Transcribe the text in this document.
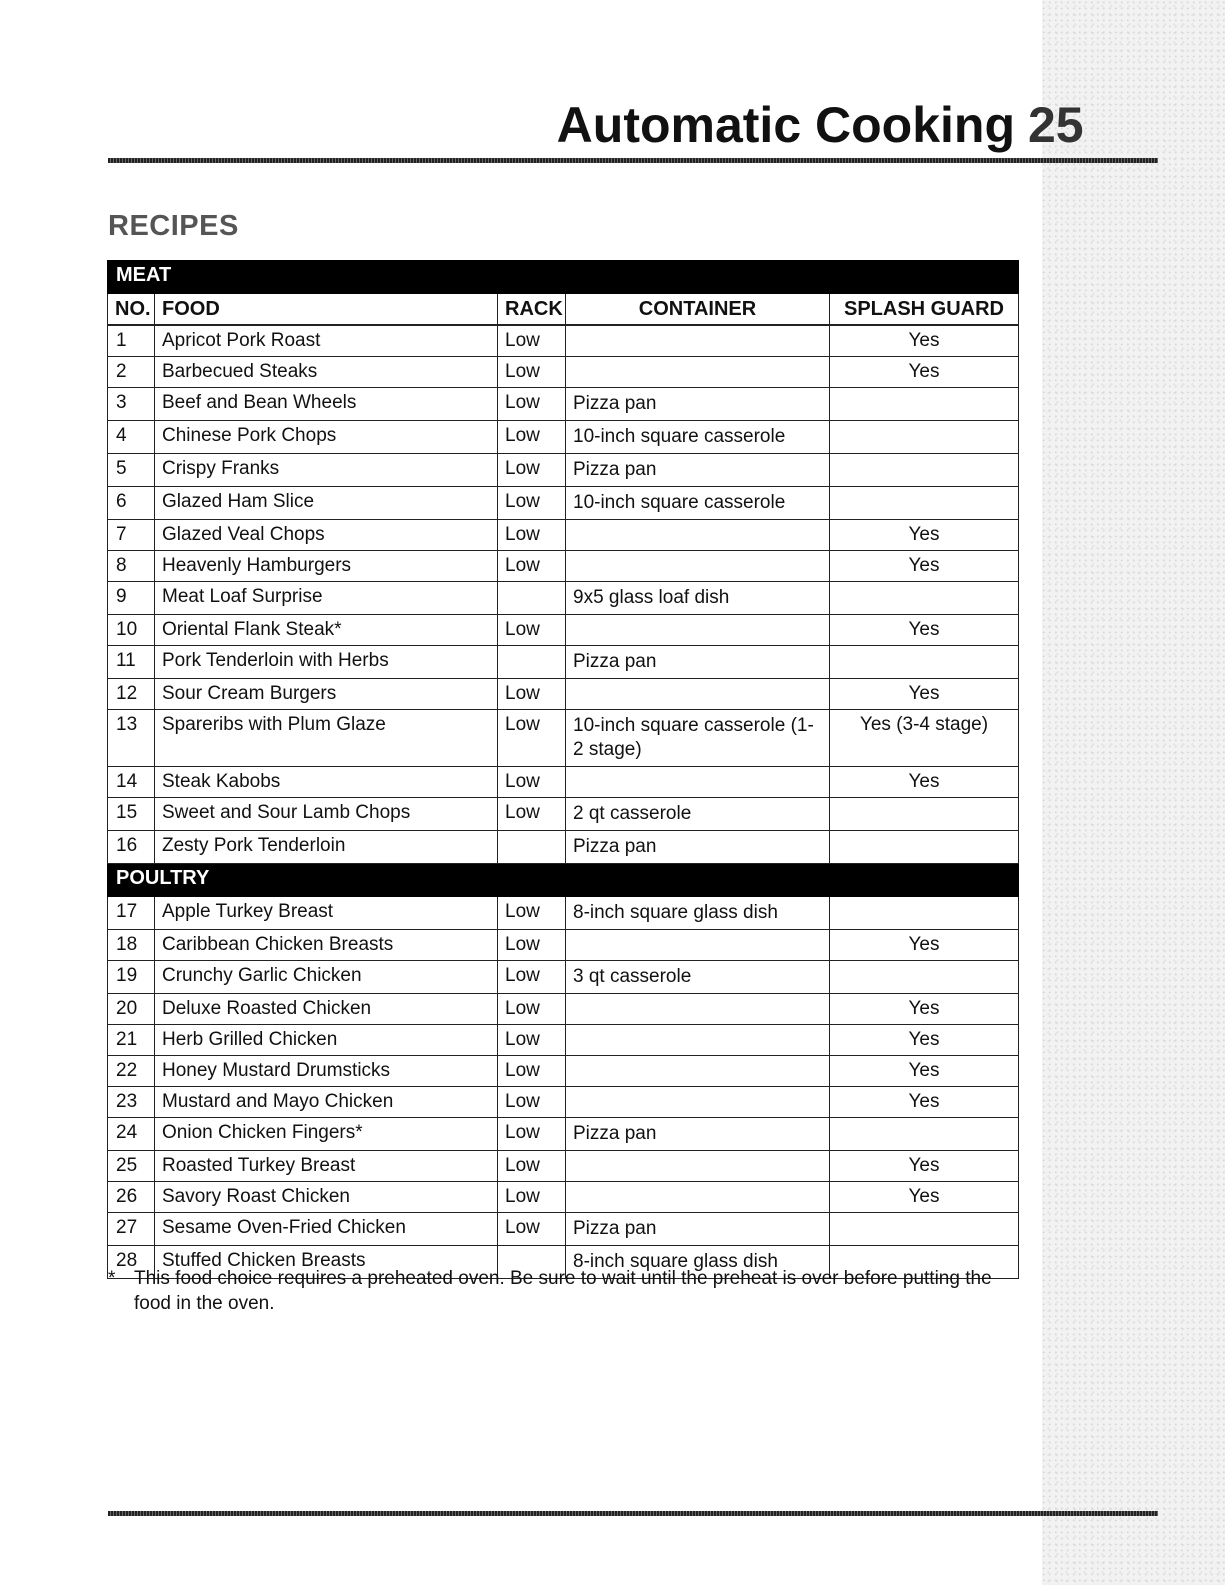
Automatic Cooking 25
RECIPES
MEAT				
NO.	FOOD	RACK	CONTAINER	SPLASH GUARD
1	Apricot Pork Roast	Low		Yes
2	Barbecued Steaks	Low		Yes
3	Beef and Bean Wheels	Low	Pizza pan	
4	Chinese Pork Chops	Low	10-inch square casserole	
5	Crispy Franks	Low	Pizza pan	
6	Glazed Ham Slice	Low	10-inch square casserole	
7	Glazed Veal Chops	Low		Yes
8	Heavenly Hamburgers	Low		Yes
9	Meat Loaf Surprise		9x5 glass loaf dish	
10	Oriental Flank Steak*	Low		Yes
11	Pork Tenderloin with Herbs		Pizza pan	
12	Sour Cream Burgers	Low		Yes
13	Spareribs with Plum Glaze	Low	10-inch square casserole (1-2 stage)	Yes (3-4 stage)
14	Steak Kabobs	Low		Yes
15	Sweet and Sour Lamb Chops	Low	2 qt casserole	
16	Zesty Pork Tenderloin		Pizza pan	
POULTRY				
17	Apple Turkey Breast	Low	8-inch square glass dish	
18	Caribbean Chicken Breasts	Low		Yes
19	Crunchy Garlic Chicken	Low	3 qt casserole	
20	Deluxe Roasted Chicken	Low		Yes
21	Herb Grilled Chicken	Low		Yes
22	Honey Mustard Drumsticks	Low		Yes
23	Mustard and Mayo Chicken	Low		Yes
24	Onion Chicken Fingers*	Low	Pizza pan	
25	Roasted Turkey Breast	Low		Yes
26	Savory Roast Chicken	Low		Yes
27	Sesame Oven-Fried Chicken	Low	Pizza pan	
28	Stuffed Chicken Breasts		8-inch square glass dish	
* This food choice requires a preheated oven. Be sure to wait until the preheat is over before putting the food in the oven.
